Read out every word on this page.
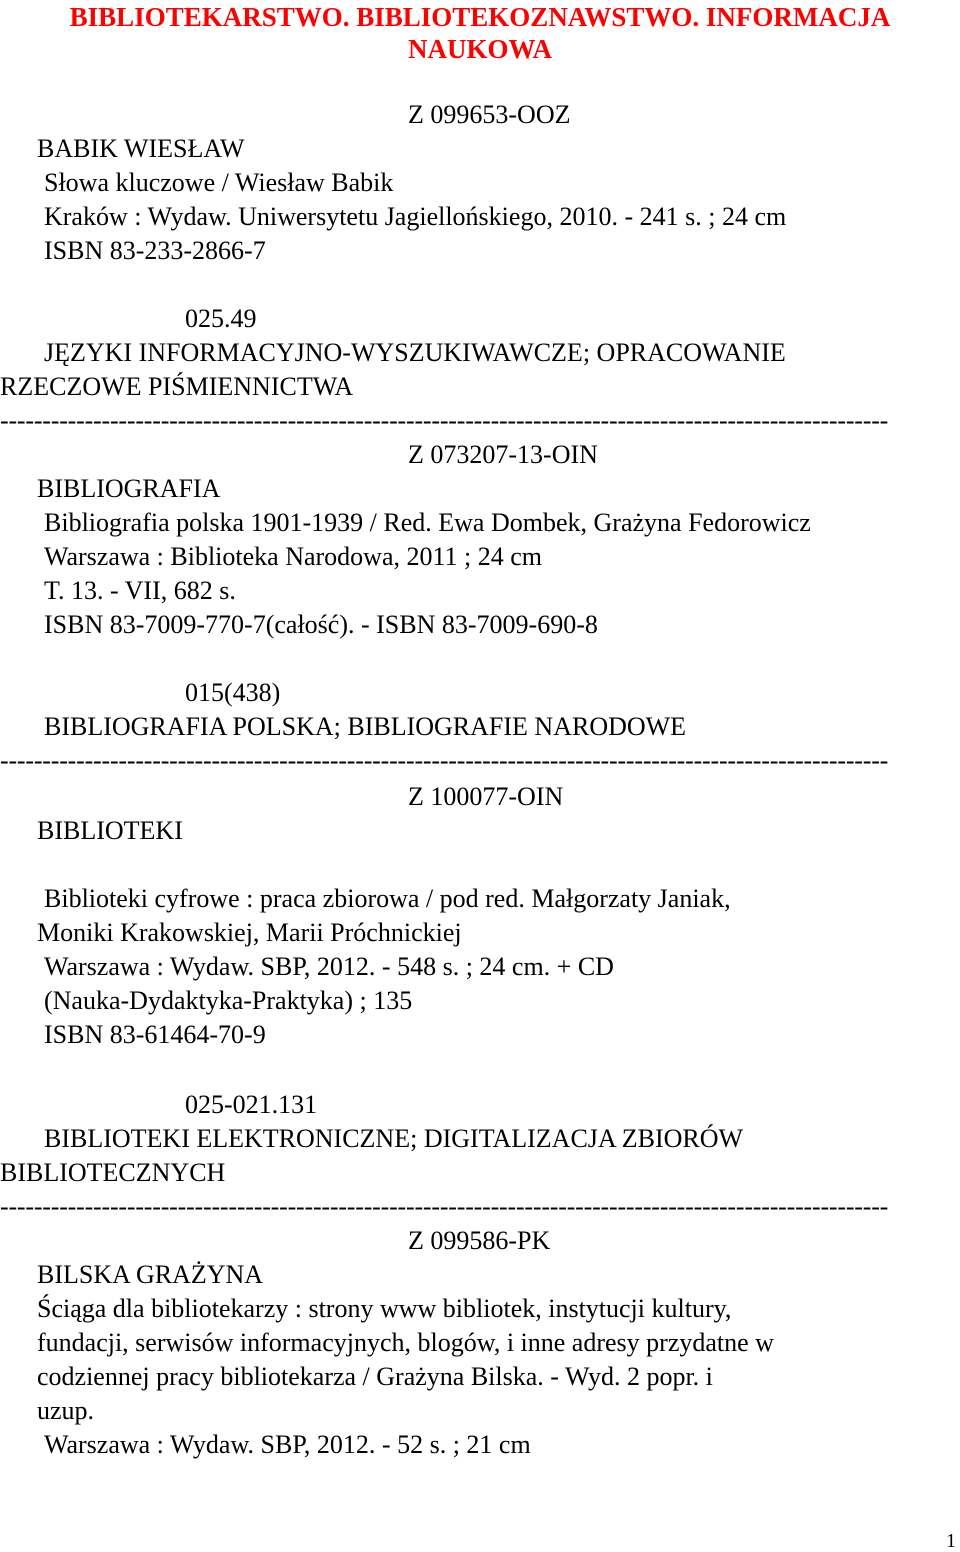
BIBLIOTEKARSTWO. BIBLIOTEKOZNAWSTWO. INFORMACJA
NAUKOWA
Z 099653-OOZ
BABIK WIESŁAW
Słowa kluczowe / Wiesław Babik
Kraków : Wydaw. Uniwersytetu Jagiellońskiego, 2010. - 241 s. ; 24 cm
ISBN 83-233-2866-7
025.49
JĘZYKI INFORMACYJNO-WYSZUKIWAWCZE; OPRACOWANIE
RZECZOWE PIŚMIENNICTWA
---------------------------------------------------------------------------------------------------------
Z 073207-13-OIN
BIBLIOGRAFIA
Bibliografia polska 1901-1939 / Red. Ewa Dombek, Grażyna Fedorowicz
Warszawa : Biblioteka Narodowa, 2011 ; 24 cm
T. 13. - VII, 682 s.
ISBN 83-7009-770-7(całość). - ISBN 83-7009-690-8
015(438)
BIBLIOGRAFIA POLSKA; BIBLIOGRAFIE NARODOWE
---------------------------------------------------------------------------------------------------------
Z 100077-OIN
BIBLIOTEKI
Biblioteki cyfrowe : praca zbiorowa / pod red. Małgorzaty Janiak,
Moniki Krakowskiej, Marii Próchnickiej
Warszawa : Wydaw. SBP, 2012. - 548 s. ; 24 cm. + CD
(Nauka-Dydaktyka-Praktyka) ; 135
ISBN 83-61464-70-9
025-021.131
BIBLIOTEKI ELEKTRONICZNE; DIGITALIZACJA ZBIORÓW
BIBLIOTECZNYCH
---------------------------------------------------------------------------------------------------------
Z 099586-PK
BILSKA GRAŻYNA
Ściąga dla bibliotekarzy : strony www bibliotek, instytucji kultury,
fundacji, serwisów informacyjnych, blogów, i inne adresy przydatne w
codziennej pracy bibliotekarza / Grażyna Bilska. - Wyd. 2 popr. i
uzup.
Warszawa : Wydaw. SBP, 2012. - 52 s. ; 21 cm
1
